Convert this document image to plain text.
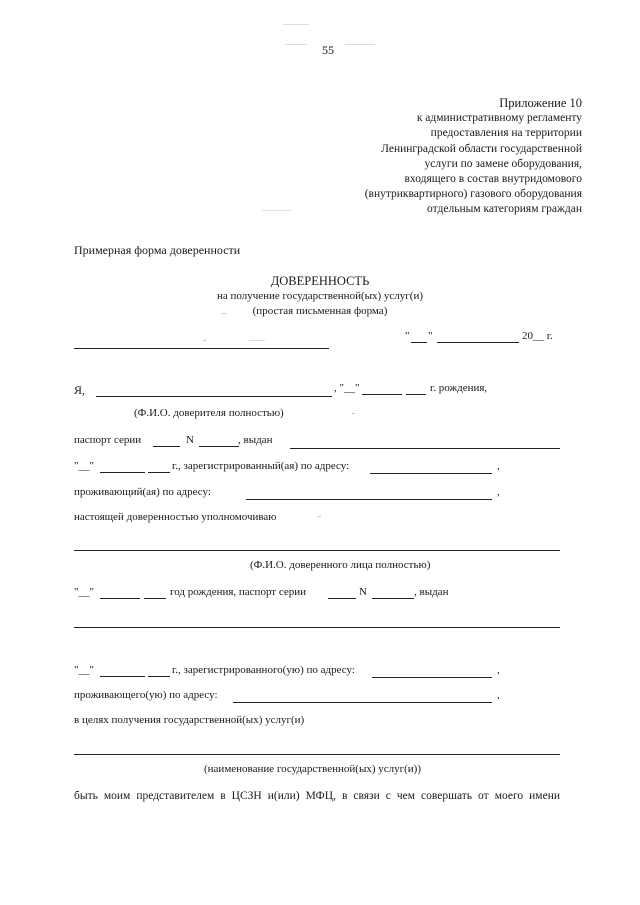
55
Приложение 10
к административному регламенту
предоставления на территории
Ленинградской области государственной
услуги по замене оборудования,
входящего в состав внутридомового
(внутриквартирного) газового оборудования
отдельным категориям граждан
Примерная форма доверенности
ДОВЕРЕННОСТЬ
на получение государственной(ых) услуг(и)
(простая письменная форма)
" "	20__ г.
Я,	, "__"	г. рождения,
(Ф.И.О. доверителя полностью)
паспорт серии	N	, выдан
"__"	г., зарегистрированный(ая) по адресу:	,
проживающий(ая) по адресу:	,
настоящей доверенностью уполномочиваю
(Ф.И.О. доверенного лица полностью)
"__"	год рождения, паспорт серии	N	, выдан
"__"	г., зарегистрированного(ую) по адресу:	,
проживающего(ую) по адресу:	,
в целях получения государственной(ых) услуг(и)
(наименование государственной(ых) услуг(и))
быть моим представителем в ЦСЗН и(или) МФЦ, в связи с чем совершать от моего имени
